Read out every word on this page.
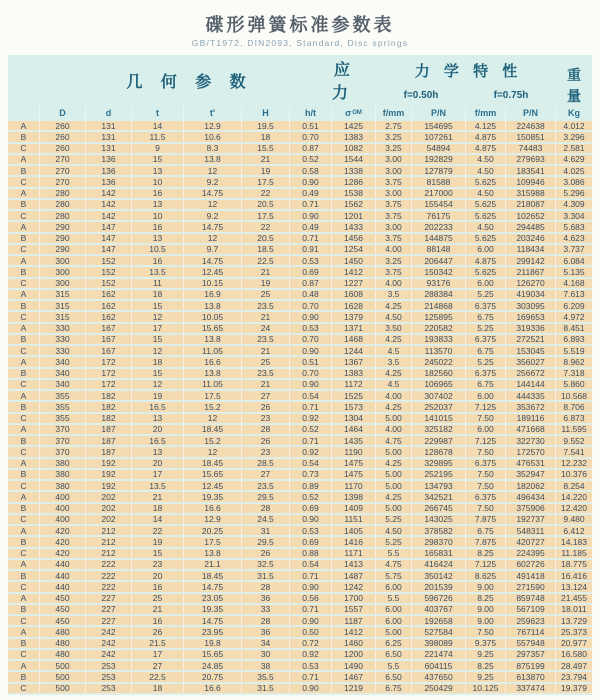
碟形弹簧标准参数表
GB/T1972, DIN2093, Standard, Disc springs
几 何 参 数
应 力
力 学 特 性
f=0.50h	f=0.75h
重
量
D	d	t	t'	H	h/t	σ OM	f/mm	P/N	f/mm	P/N	Kg
A	260	131	14	12.9	19.5	0.51	1425	2.75	154695	4.125	224638	4.012
B	260	131	11.5	10.6	18	0.70	1383	3.25	107261	4.875	150851	3.296
C	260	131	9	8.3	15.5	0.87	1082	3.25	54894	4.875	74483	2.581
A	270	136	15	13.8	21	0.52	1544	3.00	192829	4.50	279693	4.629
B	270	136	13	12	19	0.58	1338	3.00	127879	4.50	183541	4.025
C	270	136	10	9.2	17.5	0.90	1286	3.75	81588	5.625	109946	3.086
A	280	142	16	14.75	22	0.49	1538	3.00	217000	4.50	315988	5.296
B	280	142	13	12	20.5	0.71	1562	3.75	155454	5.625	218087	4.309
C	280	142	10	9.2	17.5	0.90	1201	3.75	76175	5.625	102652	3.304
A	290	147	16	14.75	22	0.49	1433	3.00	202233	4.50	294485	5.683
B	290	147	13	12	20.5	0.71	1456	3.75	144875	5.625	203246	4.623
C	290	147	10.5	9.7	18.5	0.91	1254	4.00	88148	6.00	118434	3.737
A	300	152	16	14.75	22.5	0.53	1450	3.25	206447	4.875	299142	6.084
B	300	152	13.5	12.45	21	0.69	1412	3.75	150342	5.625	211867	5.135
C	300	152	11	10.15	19	0.87	1227	4.00	93176	6.00	126270	4.168
A	315	162	18	16.9	25	0.48	1608	3.5	288384	5.25	419034	7.613
B	315	162	15	13.8	23.5	0.70	1628	4.25	214868	6.375	303095	6.209
C	315	162	12	10.05	21	0.90	1379	4.50	125895	6.75	169653	4.972
A	330	167	17	15.65	24	0.53	1371	3.50	220582	5.25	319336	8.451
B	330	167	15	13.8	23.5	0.70	1468	4.25	193833	6.375	272521	6.893
C	330	167	12	11.05	21	0.90	1244	4.5	113570	6.75	153045	5.519
A	340	172	18	16.6	25	0.51	1367	3.5	245022	5.25	356027	8.962
B	340	172	15	13.8	23.5	0.70	1383	4.25	182560	6.375	256672	7.318
C	340	172	12	11.05	21	0.90	1172	4.5	106965	6.75	144144	5.860
A	355	182	19	17.5	27	0.54	1525	4.00	307402	6.00	444335	10.568
B	355	182	16.5	15.2	26	0.71	1573	4.25	252037	7.125	353672	8.706
C	355	182	13	12	23	0.92	1304	5.00	141015	7.50	189116	6.873
A	370	187	20	18.45	28	0.52	1464	4.00	325182	6.00	471668	11.595
B	370	187	16.5	15.2	26	0.71	1435	4.75	229987	7.125	322730	9.552
C	370	187	13	12	23	0.92	1190	5.00	128678	7.50	172570	7.541
A	380	192	20	18.45	28.5	0.54	1475	4.25	329895	6.375	476531	12.232
B	380	192	17	15.65	27	0.73	1475	5.00	252195	7.50	352947	10.376
C	380	192	13.5	12.45	23.5	0.89	1170	5.00	134793	7.50	182062	8.254
A	400	202	21	19.35	29.5	0.52	1398	4.25	342521	6.375	496434	14.220
B	400	202	18	16.6	28	0.69	1409	5.00	266745	7.50	375906	12.420
C	400	202	14	12.9	24.5	0.90	1151	5.25	143025	7.875	192737	9.480
A	420	212	22	20.25	31	0.53	1405	4.50	378582	6.75	548311	6.412
B	420	212	19	17.5	29.5	0.69	1416	5.25	298370	7.875	420727	14.183
C	420	212	15	13.8	26	0.88	1171	5.5	165831	8.25	224395	11.185
A	440	222	23	21.1	32.5	0.54	1413	4.75	416424	7.125	602726	18.775
B	440	222	20	18.45	31.5	0.71	1487	5.75	350142	8.625	491418	16.416
C	440	222	16	14.75	28	0.90	1242	6.00	201539	9.00	271590	13.124
A	450	227	25	23.05	36	0.56	1700	5.5	596726	8.25	859748	21.455
B	450	227	21	19.35	33	0.71	1557	6.00	403767	9.00	567109	18.011
C	450	227	16	14.75	28	0.90	1187	6.00	192658	9.00	259623	13.729
A	480	242	26	23.95	36	0.50	1412	5.00	527584	7.50	767114	25.373
B	480	242	21.5	19.8	34	0.72	1460	6.25	398089	9.375	557948	20.977
C	480	242	17	15.65	30	0.92	1200	6.50	221474	9.25	297357	16.580
A	500	253	27	24.85	38	0.53	1490	5.5	604115	8.25	875199	28.497
B	500	253	22.5	20.75	35.5	0.71	1467	6.50	437650	9.25	613870	23.794
C	500	253	18	16.6	31.5	0.90	1219	6.75	250429	10.125	337474	19.379
